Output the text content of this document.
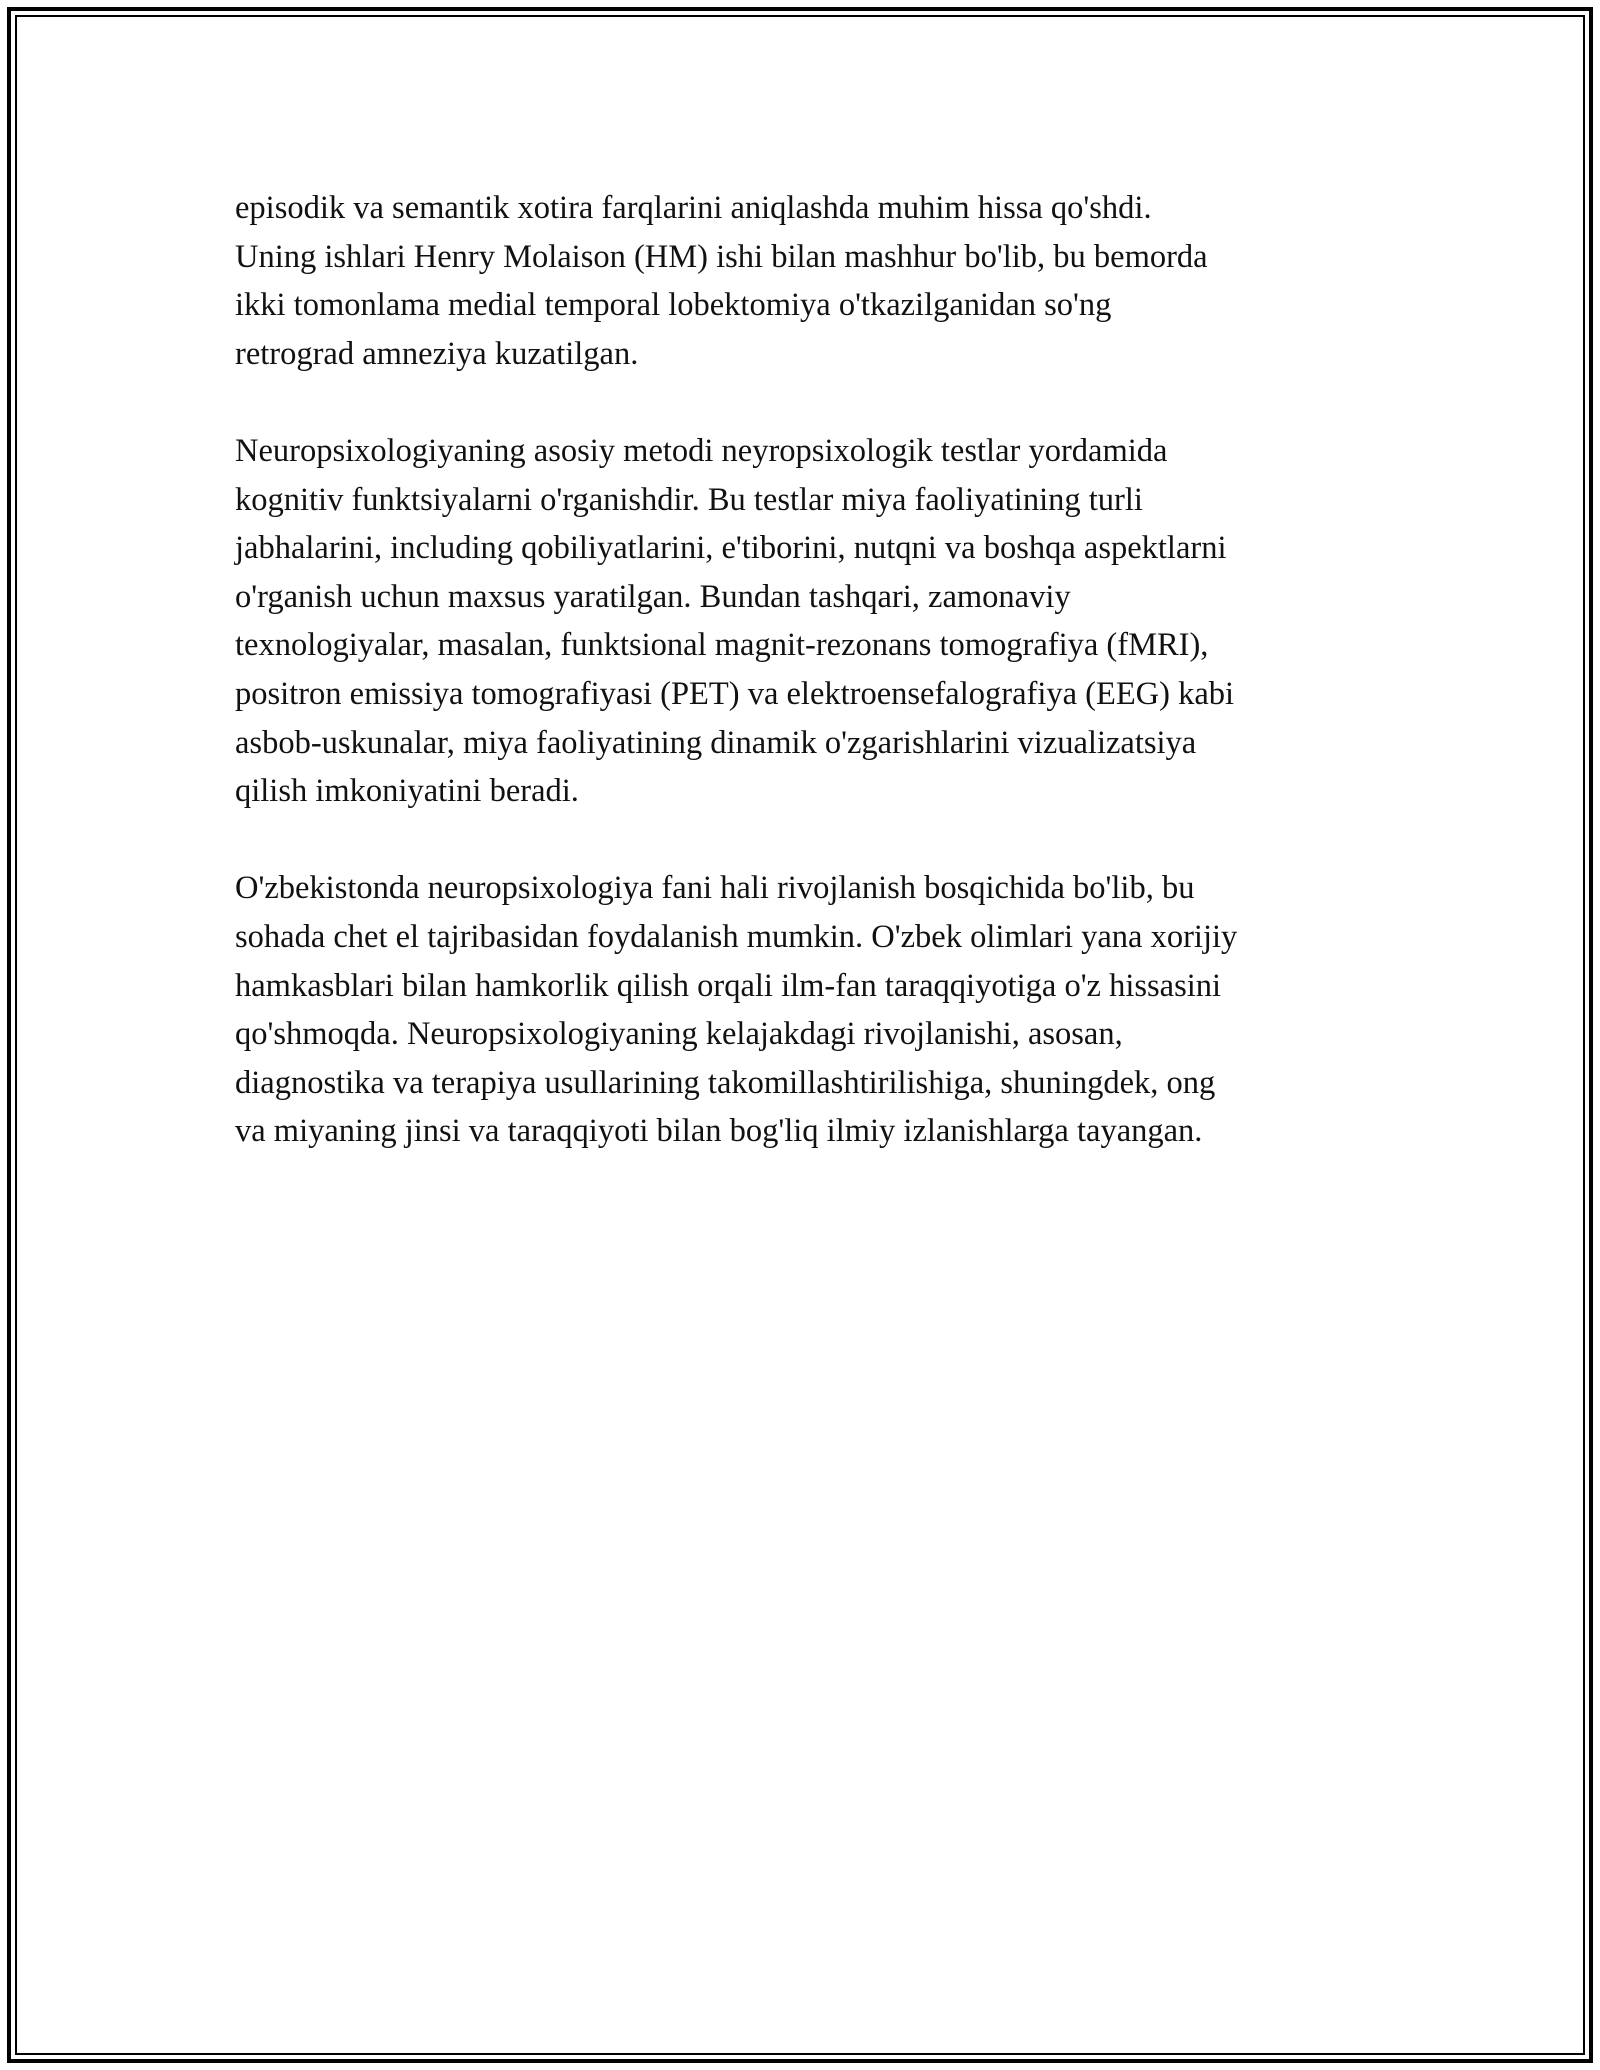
episodik va semantik xotira farqlarini aniqlashda muhim hissa qo'shdi.
Uning ishlari Henry Molaison (HM) ishi bilan mashhur bo'lib, bu bemorda
ikki tomonlama medial temporal lobektomiya o'tkazilganidan so'ng
retrograd amneziya kuzatilgan.

Neuropsixologiyaning asosiy metodi neyropsixologik testlar yordamida
kognitiv funktsiyalarni o'rganishdir. Bu testlar miya faoliyatining turli
jabhalarini, including qobiliyatlarini, e'tiborini, nutqni va boshqa aspektlarni
o'rganish uchun maxsus yaratilgan. Bundan tashqari, zamonaviy
texnologiyalar, masalan, funktsional magnit-rezonans tomografiya (fMRI),
positron emissiya tomografiyasi (PET) va elektroensefalografiya (EEG) kabi
asbob-uskunalar, miya faoliyatining dinamik o'zgarishlarini vizualizatsiya
qilish imkoniyatini beradi.

O'zbekistonda neuropsixologiya fani hali rivojlanish bosqichida bo'lib, bu
sohada chet el tajribasidan foydalanish mumkin. O'zbek olimlari yana xorijiy
hamkasblari bilan hamkorlik qilish orqali ilm-fan taraqqiyotiga o'z hissasini
qo'shmoqda. Neuropsixologiyaning kelajakdagi rivojlanishi, asosan,
diagnostika va terapiya usullarining takomillashtirilishiga, shuningdek, ong
va miyaning jinsi va taraqqiyoti bilan bog'liq ilmiy izlanishlarga tayangan.
